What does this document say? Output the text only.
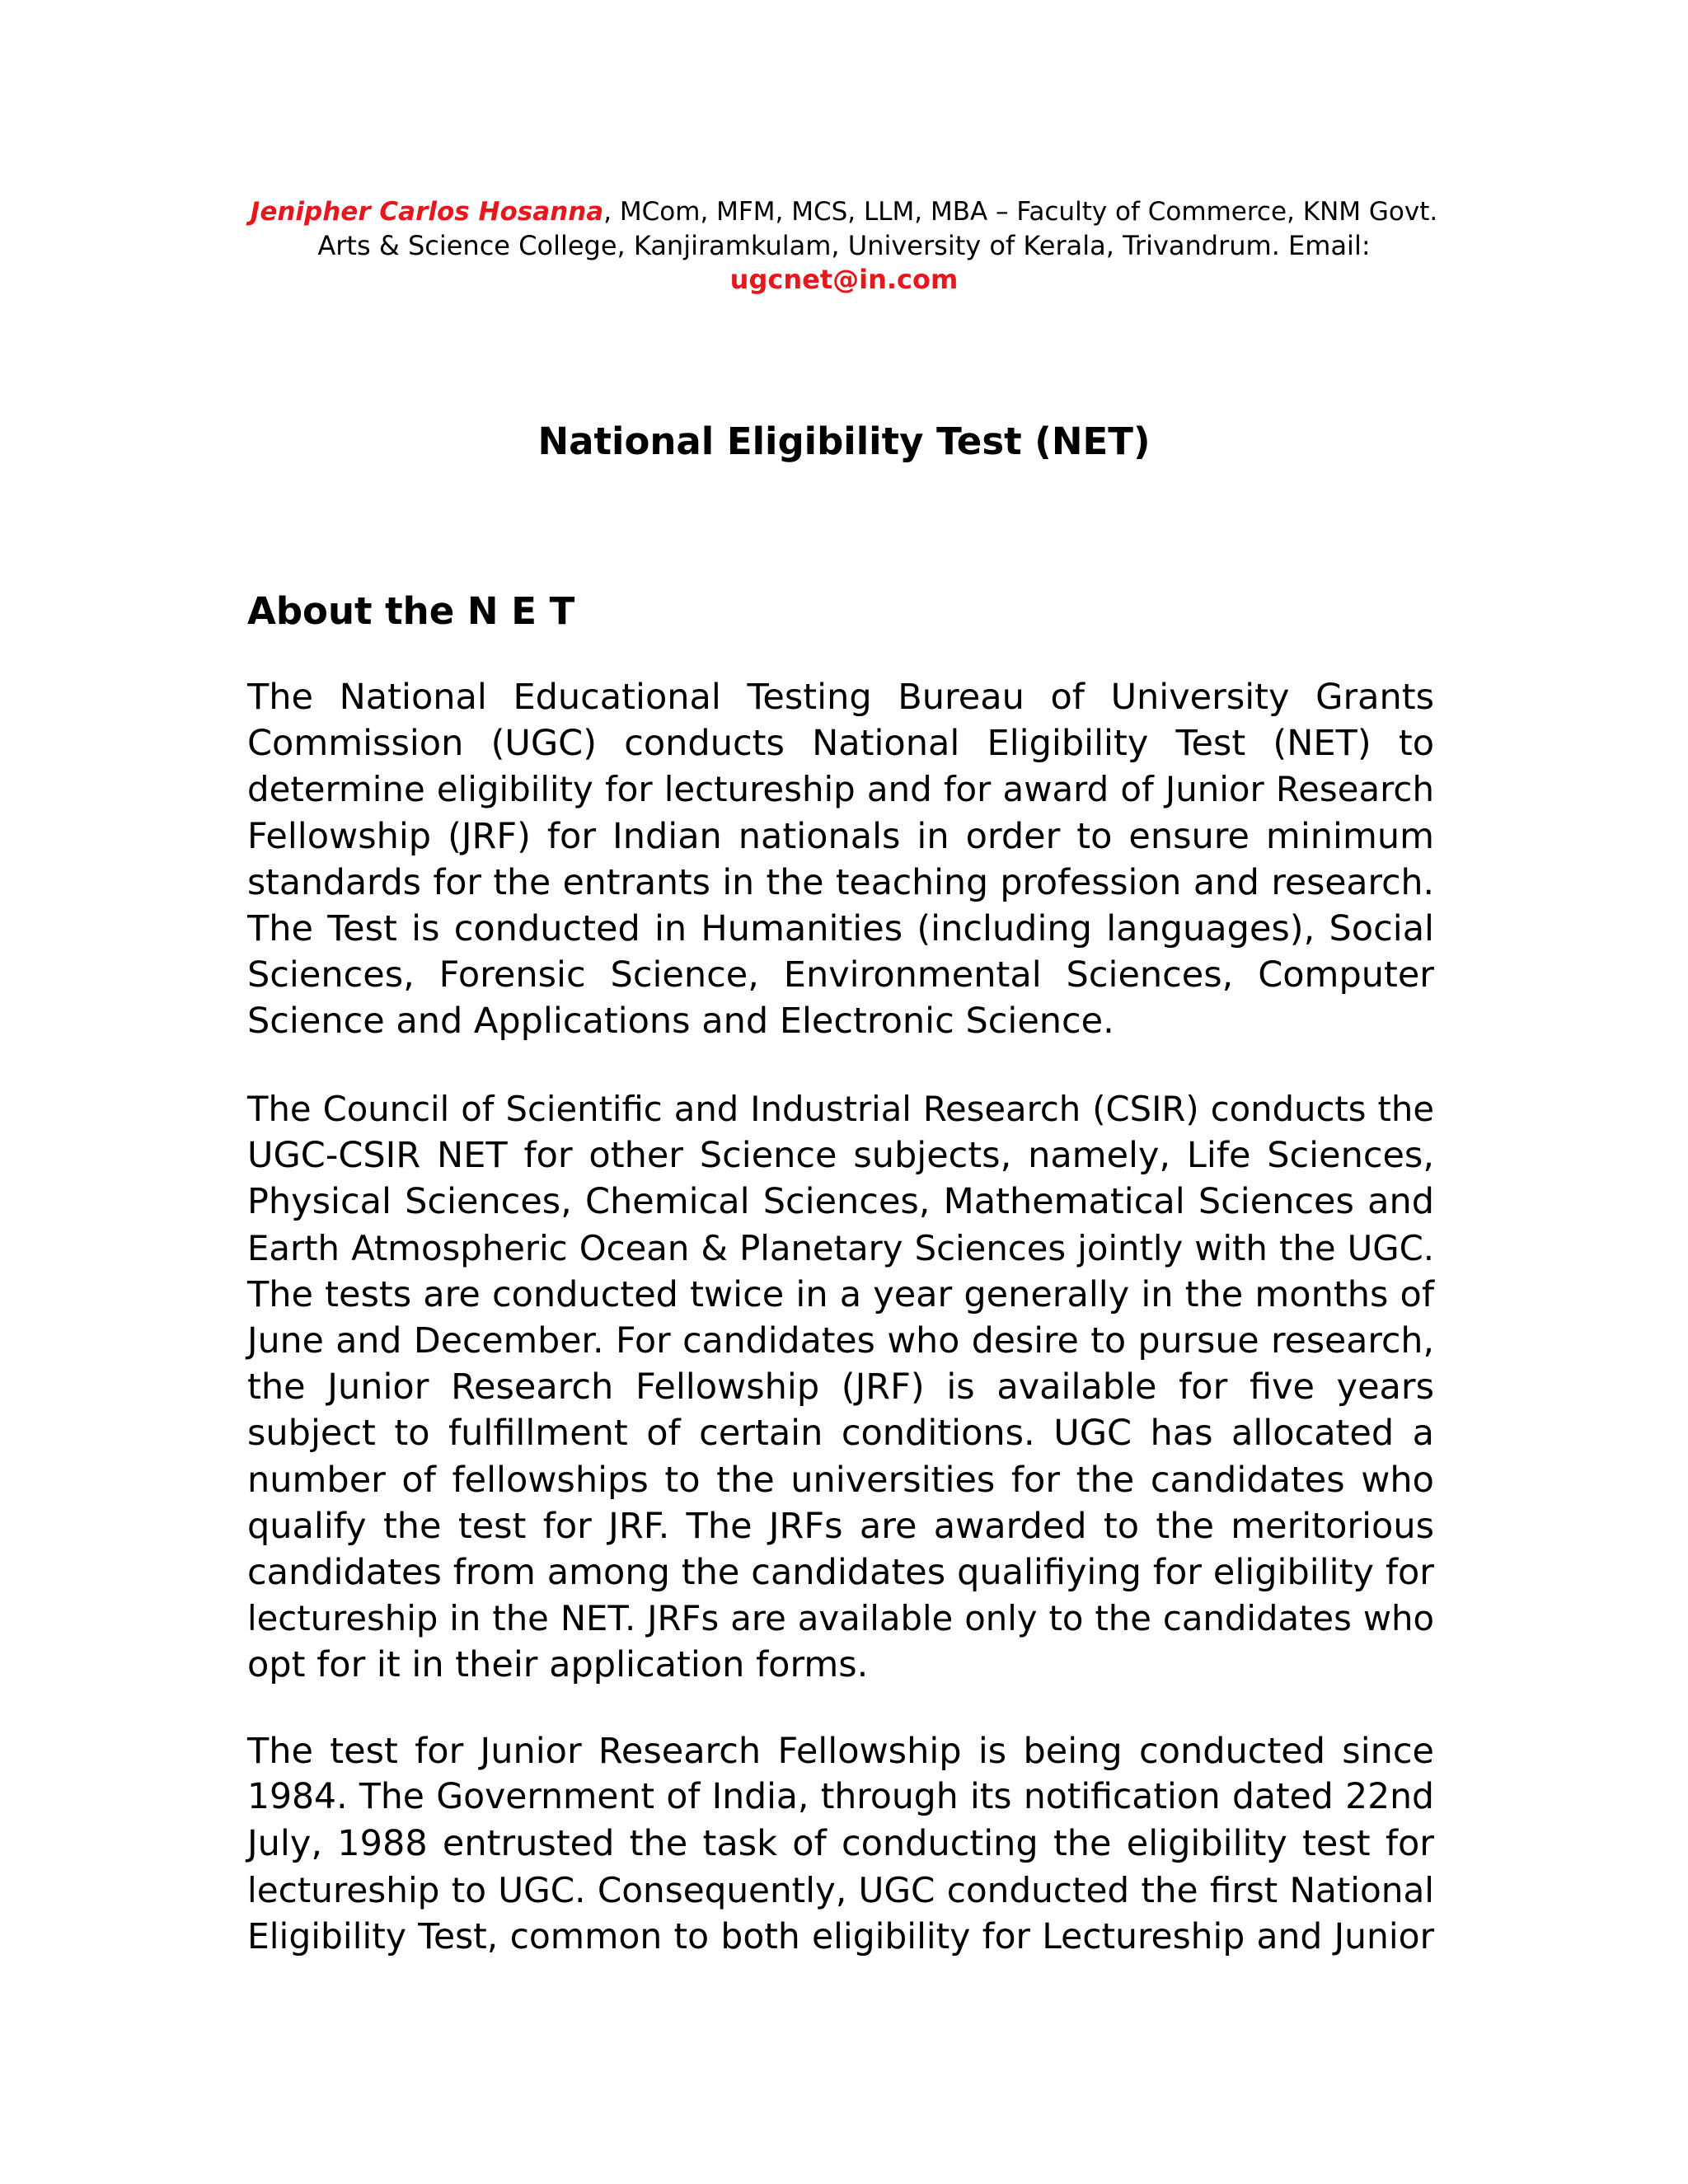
Jenipher Carlos Hosanna, MCom, MFM, MCS, LLM, MBA – Faculty of Commerce, KNM Govt.
Arts & Science College, Kanjiramkulam, University of Kerala, Trivandrum. Email:
ugcnet@in.com
National Eligibility Test (NET)
About the N E T

The National Educational Testing Bureau of University Grants
Commission (UGC) conducts National Eligibility Test (NET) to
determine eligibility for lectureship and for award of Junior Research
Fellowship (JRF) for Indian nationals in order to ensure minimum
standards for the entrants in the teaching profession and research.
The Test is conducted in Humanities (including languages), Social
Sciences, Forensic Science, Environmental Sciences, Computer
Science and Applications and Electronic Science.

The Council of Scientific and Industrial Research (CSIR) conducts the
UGC-CSIR NET for other Science subjects, namely, Life Sciences,
Physical Sciences, Chemical Sciences, Mathematical Sciences and
Earth Atmospheric Ocean & Planetary Sciences jointly with the UGC.
The tests are conducted twice in a year generally in the months of
June and December. For candidates who desire to pursue research,
the Junior Research Fellowship (JRF) is available for five years
subject to fulfillment of certain conditions. UGC has allocated a
number of fellowships to the universities for the candidates who
qualify the test for JRF. The JRFs are awarded to the meritorious
candidates from among the candidates qualifiying for eligibility for
lectureship in the NET. JRFs are available only to the candidates who
opt for it in their application forms.

The test for Junior Research Fellowship is being conducted since
1984. The Government of India, through its notification dated 22nd
July, 1988 entrusted the task of conducting the eligibility test for
lectureship to UGC. Consequently, UGC conducted the first National
Eligibility Test, common to both eligibility for Lectureship and Junior
